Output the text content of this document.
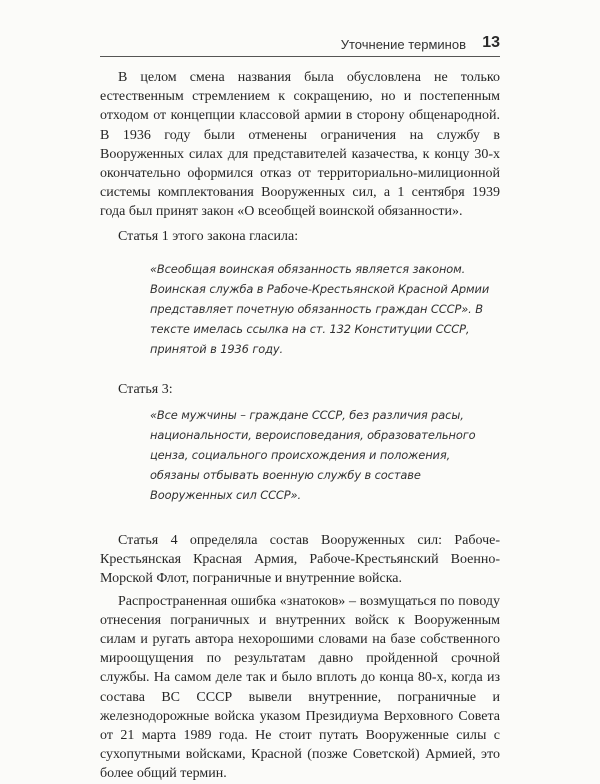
Уточнение терминов 13

В целом смена названия была обусловлена не только естественным стремлением к сокращению, но и постепенным отходом от концепции классовой армии в сторону общенародной. В 1936 году были отменены ограничения на службу в Вооруженных силах для представителей казачества, к концу 30-х окончательно оформился отказ от территориально-милиционной системы комплектования Вооруженных сил, а 1 сентября 1939 года был принят закон «О всеобщей воинской обязанности».

Статья 1 этого закона гласила:

«Всеобщая воинская обязанность является законом. Воинская служба в Рабоче-Крестьянской Красной Армии представляет почетную обязанность граждан СССР». В тексте имелась ссылка на ст. 132 Конституции СССР, принятой в 1936 году.

Статья 3:

«Все мужчины – граждане СССР, без различия расы, национальности, вероисповедания, образовательного ценза, социального происхождения и положения, обязаны отбывать военную службу в составе Вооруженных сил СССР».

Статья 4 определяла состав Вооруженных сил: Рабоче-Крестьянская Красная Армия, Рабоче-Крестьянский Военно-Морской Флот, пограничные и внутренние войска.

Распространенная ошибка «знатоков» – возмущаться по поводу отнесения пограничных и внутренних войск к Вооруженным силам и ругать автора нехорошими словами на базе собственного мироощущения по результатам давно пройденной срочной службы. На самом деле так и было вплоть до конца 80-х, когда из состава ВС СССР вывели внутренние, пограничные и железнодорожные войска указом Президиума Верховного Совета от 21 марта 1989 года. Не стоит путать Вооруженные силы с сухопутными войсками, Красной (позже Советской) Армией, это более общий термин.
